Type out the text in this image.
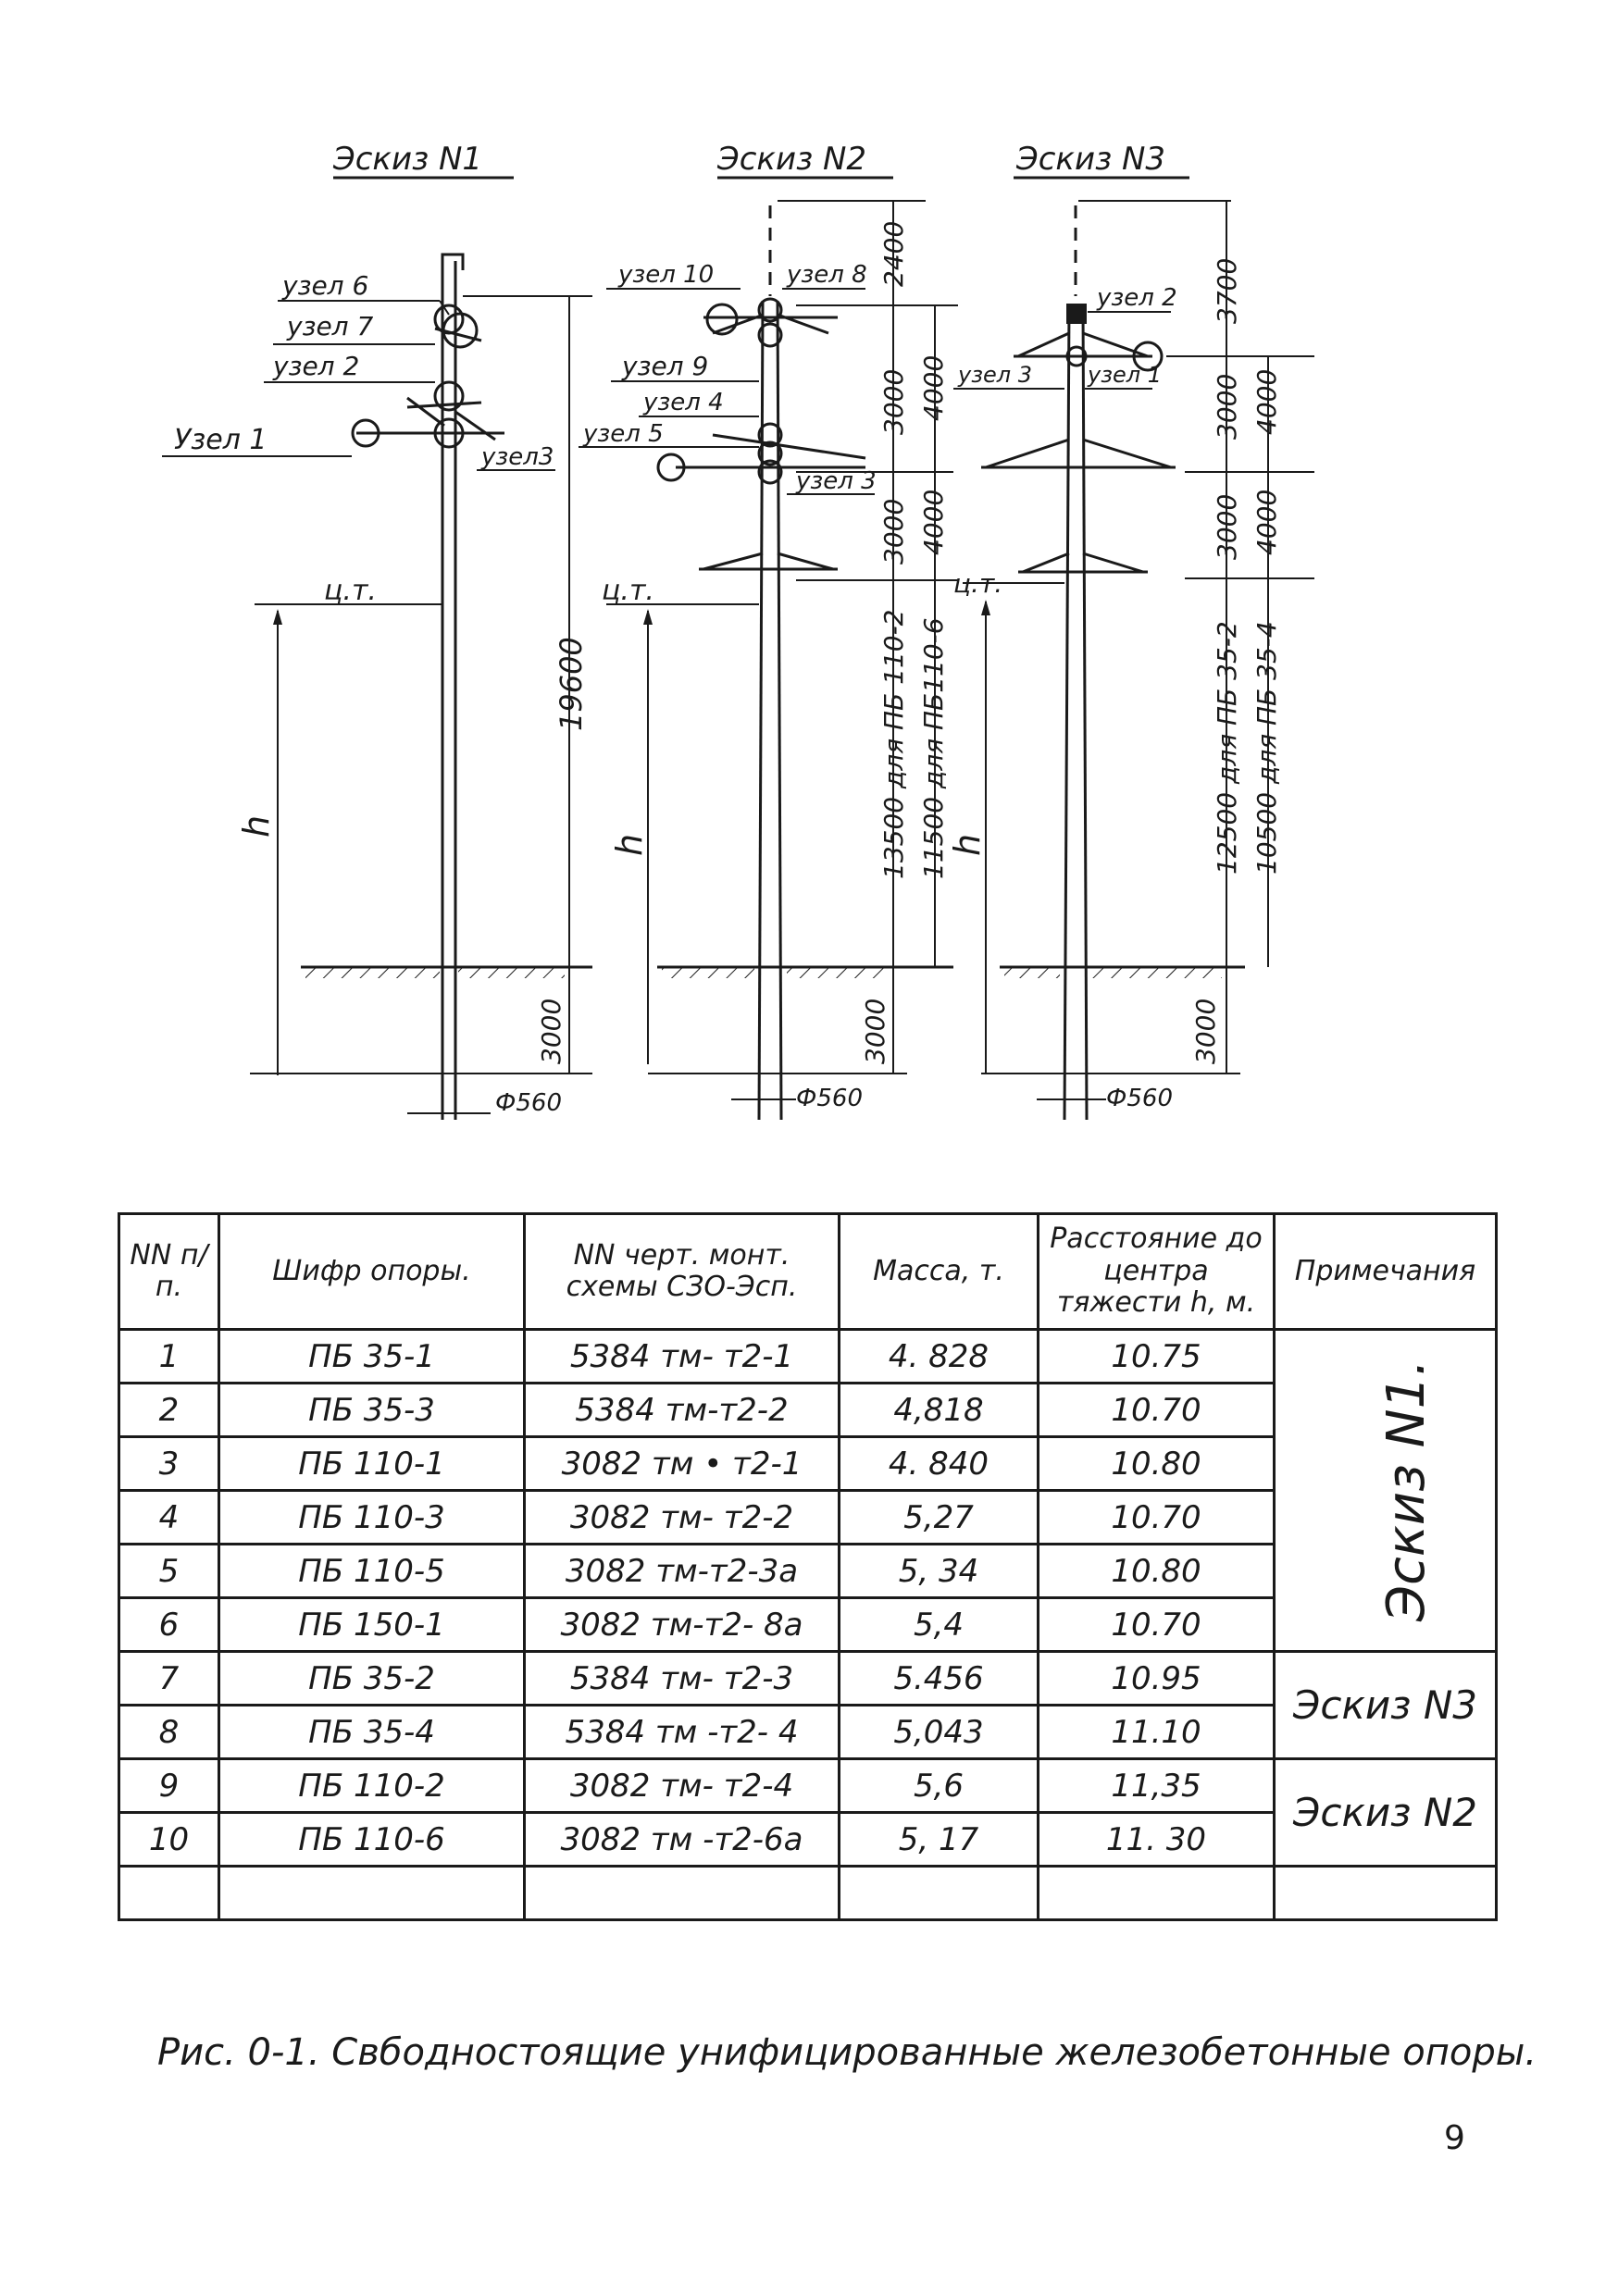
Эскиз N1
узел 6
узел 7
узел 2
Узел 1
узел3
ц.т.
h
19600
3000
Ф560
Эскиз N2
узел 10	узел 8
узел 9
узел 4
узел 5
узел 3
2400
3000 4000
3000 4000
13500 для ПБ 110-2 11500 для ПБ110-6
ц.т.
h
3000
Ф560
Эскиз N3
узел 2
узел 3	узел 1
3700
3000 4000
3000 4000
12500 для ПБ 35-2 10500 для ПБ 35-4
ц.т.
h
3000
Ф560
NN п/п.	Шифр опоры.	NN черт. монт. схемы СЗО-Эсп.	Масса, т.	Расстояние до центра тяжести h, м.	Примечания
1	ПБ 35-1	5384 тм- т2-1	4. 828	10.75	Эскиз N1.
2	ПБ 35-3	5384 тм-т2-2	4,818	10.70	
3	ПБ 110-1	3082 тм • т2-1	4. 840	10.80	
4	ПБ 110-3	3082 тм- т2-2	5,27	10.70	
5	ПБ 110-5	3082 тм-т2-3а	5, 34	10.80	
6	ПБ 150-1	3082 тм-т2- 8а	5,4	10.70	
7	ПБ 35-2	5384 тм- т2-3	5.456	10.95	Эскиз N3
8	ПБ 35-4	5384 тм -т2- 4	5,043	11.10	
9	ПБ 110-2	3082 тм- т2-4	5,6	11,35	Эскиз N2
10	ПБ 110-6	3082 тм -т2-6а	5, 17	11. 30	

Рис. 0-1. Свбодностоящие унифицированные железобетонные опоры.
9
